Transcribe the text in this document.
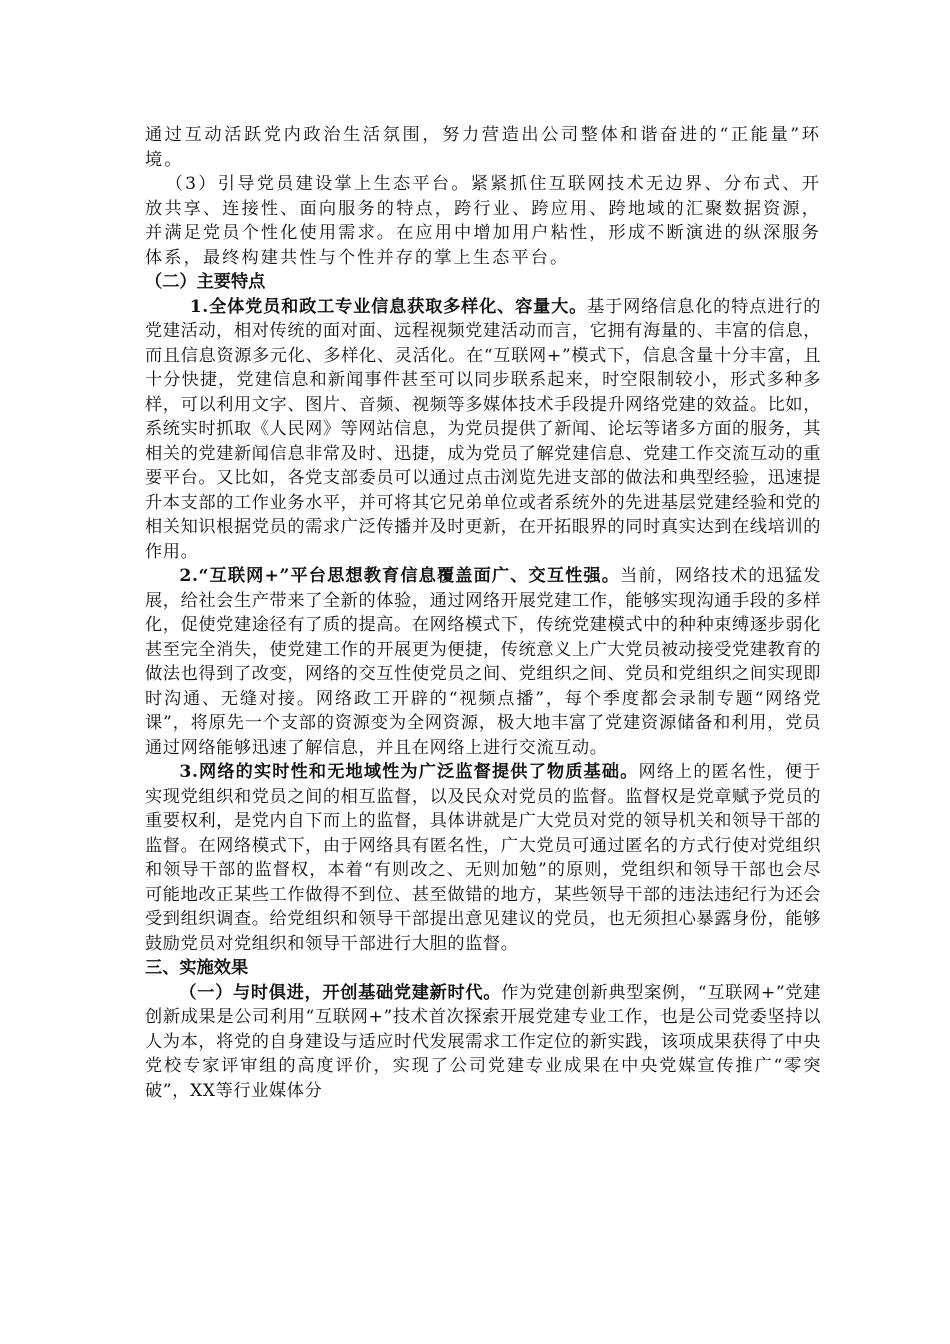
通过互动活跃党内政治生活氛围，努力营造出公司整体和谐奋进的“正能量”环境。

（3）引导党员建设掌上生态平台。紧紧抓住互联网技术无边界、分布式、开放共享、连接性、面向服务的特点，跨行业、跨应用、跨地域的汇聚数据资源，并满足党员个性化使用需求。在应用中增加用户粘性，形成不断演进的纵深服务体系，最终构建共性与个性并存的掌上生态平台。

（二）主要特点

1.全体党员和政工专业信息获取多样化、容量大。基于网络信息化的特点进行的党建活动，相对传统的面对面、远程视频党建活动而言，它拥有海量的、丰富的信息，而且信息资源多元化、多样化、灵活化。在“互联网+”模式下，信息含量十分丰富，且十分快捷，党建信息和新闻事件甚至可以同步联系起来，时空限制较小，形式多种多样，可以利用文字、图片、音频、视频等多媒体技术手段提升网络党建的效益。比如，系统实时抓取《人民网》等网站信息，为党员提供了新闻、论坛等诸多方面的服务，其相关的党建新闻信息非常及时、迅捷，成为党员了解党建信息、党建工作交流互动的重要平台。又比如，各党支部委员可以通过点击浏览先进支部的做法和典型经验，迅速提升本支部的工作业务水平，并可将其它兄弟单位或者系统外的先进基层党建经验和党的相关知识根据党员的需求广泛传播并及时更新，在开拓眼界的同时真实达到在线培训的作用。

2.“互联网+”平台思想教育信息覆盖面广、交互性强。当前，网络技术的迅猛发展，给社会生产带来了全新的体验，通过网络开展党建工作，能够实现沟通手段的多样化，促使党建途径有了质的提高。在网络模式下，传统党建模式中的种种束缚逐步弱化甚至完全消失，使党建工作的开展更为便捷，传统意义上广大党员被动接受党建教育的做法也得到了改变，网络的交互性使党员之间、党组织之间、党员和党组织之间实现即时沟通、无缝对接。网络政工开辟的“视频点播”，每个季度都会录制专题“网络党课”，将原先一个支部的资源变为全网资源，极大地丰富了党建资源储备和利用，党员通过网络能够迅速了解信息，并且在网络上进行交流互动。

3.网络的实时性和无地域性为广泛监督提供了物质基础。网络上的匿名性，便于实现党组织和党员之间的相互监督，以及民众对党员的监督。监督权是党章赋予党员的重要权利，是党内自下而上的监督，具体讲就是广大党员对党的领导机关和领导干部的监督。在网络模式下，由于网络具有匿名性，广大党员可通过匿名的方式行使对党组织和领导干部的监督权，本着“有则改之、无则加勉”的原则，党组织和领导干部也会尽可能地改正某些工作做得不到位、甚至做错的地方，某些领导干部的违法违纪行为还会受到组织调查。给党组织和领导干部提出意见建议的党员，也无须担心暴露身份，能够鼓励党员对党组织和领导干部进行大胆的监督。

三、实施效果

（一）与时俱进，开创基础党建新时代。作为党建创新典型案例，“互联网+”党建创新成果是公司利用“互联网+”技术首次探索开展党建专业工作，也是公司党委坚持以人为本，将党的自身建设与适应时代发展需求工作定位的新实践，该项成果获得了中央党校专家评审组的高度评价，实现了公司党建专业成果在中央党媒宣传推广“零突破”，XX等行业媒体分
